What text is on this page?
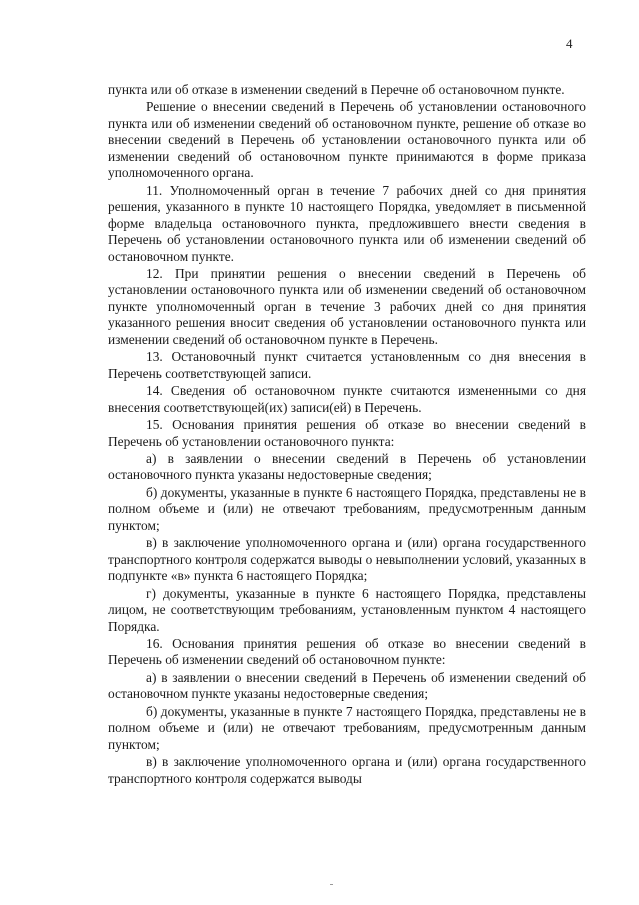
4

пункта или об отказе в изменении сведений в Перечне об остановочном пункте.

Решение о внесении сведений в Перечень об установлении остановочного пункта или об изменении сведений об остановочном пункте, решение об отказе во внесении сведений в Перечень об установлении остановочного пункта или об изменении сведений об остановочном пункте принимаются в форме приказа уполномоченного органа.

11. Уполномоченный орган в течение 7 рабочих дней со дня принятия решения, указанного в пункте 10 настоящего Порядка, уведомляет в письменной форме владельца остановочного пункта, предложившего внести сведения в Перечень об установлении остановочного пункта или об изменении сведений об остановочном пункте.

12. При принятии решения о внесении сведений в Перечень об установлении остановочного пункта или об изменении сведений об остановочном пункте уполномоченный орган в течение 3 рабочих дней со дня принятия указанного решения вносит сведения об установлении остановочного пункта или изменении сведений об остановочном пункте в Перечень.

13. Остановочный пункт считается установленным со дня внесения в Перечень соответствующей записи.

14. Сведения об остановочном пункте считаются измененными со дня внесения соответствующей(их) записи(ей) в Перечень.

15. Основания принятия решения об отказе во внесении сведений в Перечень об установлении остановочного пункта:

а) в заявлении о внесении сведений в Перечень об установлении остановочного пункта указаны недостоверные сведения;

б) документы, указанные в пункте 6 настоящего Порядка, представлены не в полном объеме и (или) не отвечают требованиям, предусмотренным данным пунктом;

в) в заключение уполномоченного органа и (или) органа государственного транспортного контроля содержатся выводы о невыполнении условий, указанных в подпункте «в» пункта 6 настоящего Порядка;

г) документы, указанные в пункте 6 настоящего Порядка, представлены лицом, не соответствующим требованиям, установленным пунктом 4 настоящего Порядка.

16. Основания принятия решения об отказе во внесении сведений в Перечень об изменении сведений об остановочном пункте:

а) в заявлении о внесении сведений в Перечень об изменении сведений об остановочном пункте указаны недостоверные сведения;

б) документы, указанные в пункте 7 настоящего Порядка, представлены не в полном объеме и (или) не отвечают требованиям, предусмотренным данным пунктом;

в) в заключение уполномоченного органа и (или) органа государственного транспортного контроля содержатся выводы
